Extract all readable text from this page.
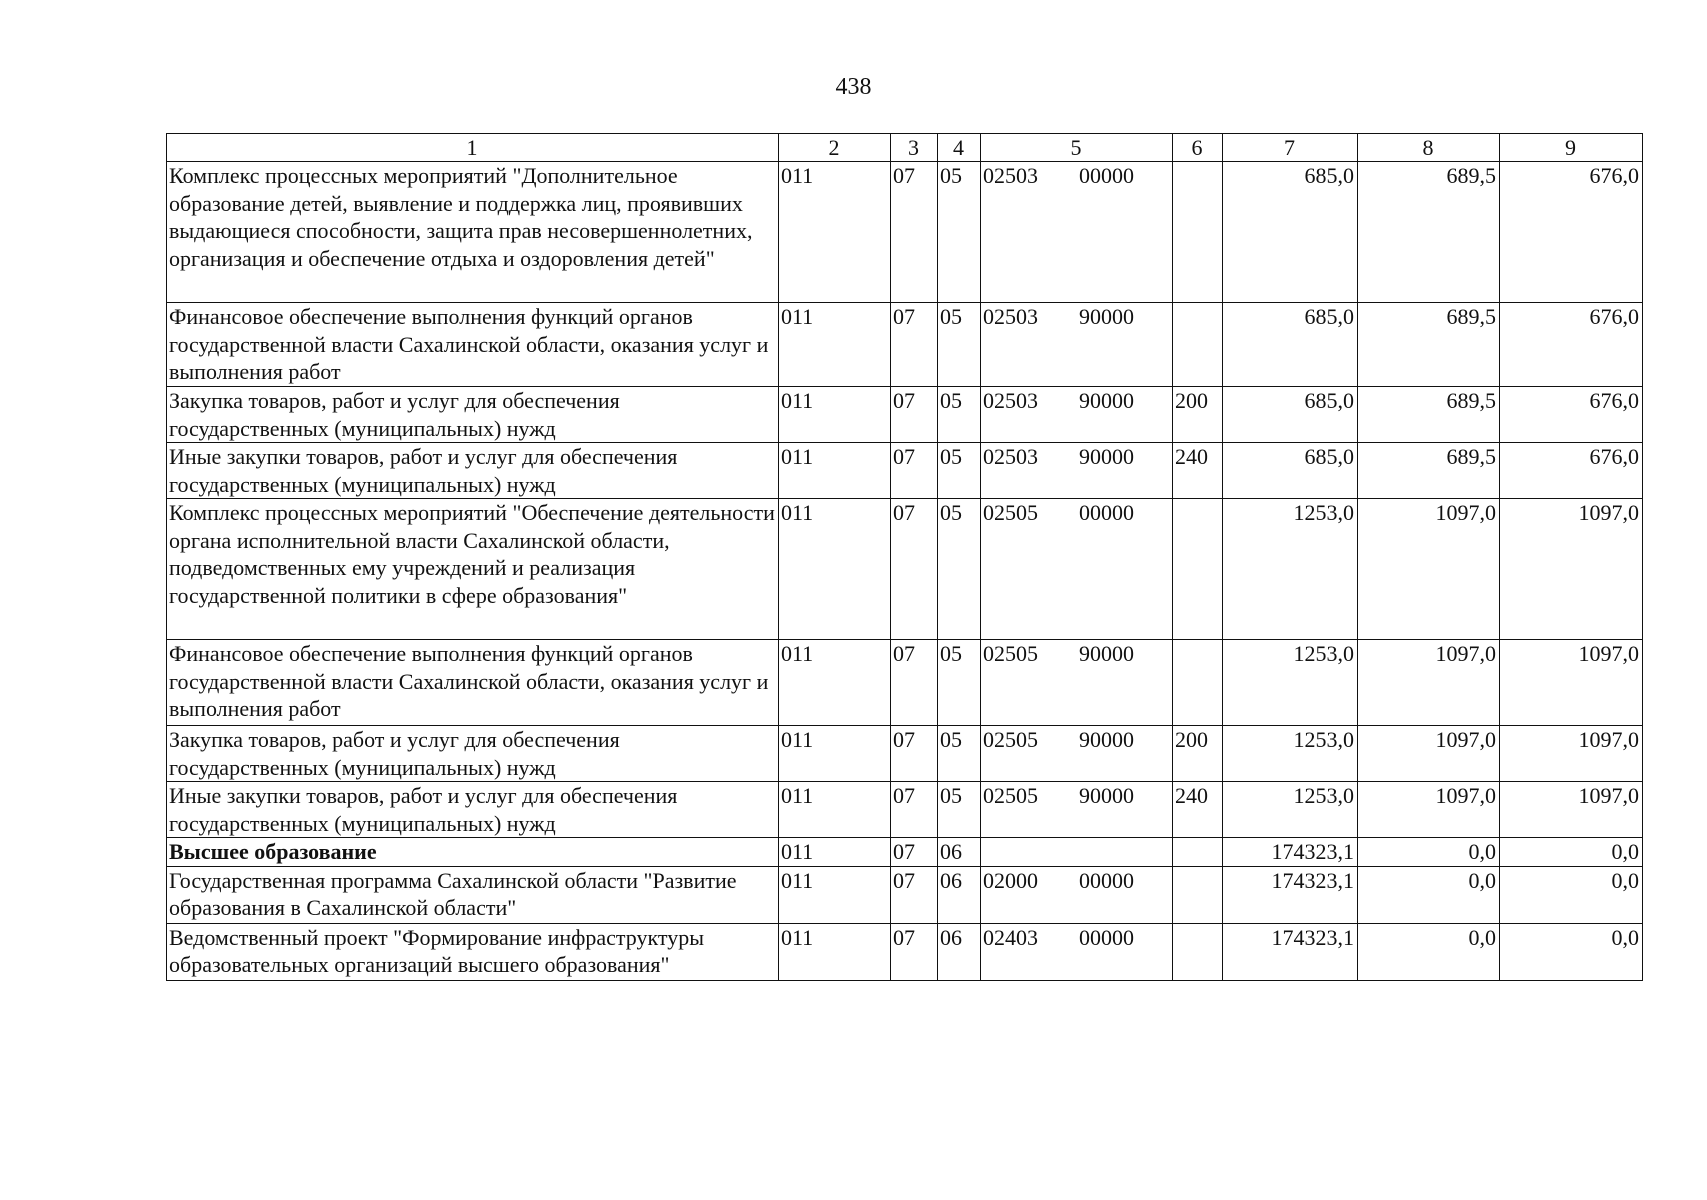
438
1	2	3	4	5	6	7	8	9
Комплекс процессных мероприятий "Дополнительное образование детей, выявление и поддержка лиц, проявивших выдающиеся способности, защита прав несовершеннолетних, организация и обеспечение отдыха и оздоровления детей"	011	07	05	02503 00000		685,0	689,5	676,0
Финансовое обеспечение выполнения функций органов государственной власти Сахалинской области, оказания услуг и выполнения работ	011	07	05	02503 90000		685,0	689,5	676,0
Закупка товаров, работ и услуг для обеспечения государственных (муниципальных) нужд	011	07	05	02503 90000	200	685,0	689,5	676,0
Иные закупки товаров, работ и услуг для обеспечения государственных (муниципальных) нужд	011	07	05	02503 90000	240	685,0	689,5	676,0
Комплекс процессных мероприятий "Обеспечение деятельности органа исполнительной власти Сахалинской области, подведомственных ему учреждений и реализация государственной политики в сфере образования"	011	07	05	02505 00000		1253,0	1097,0	1097,0
Финансовое обеспечение выполнения функций органов государственной власти Сахалинской области, оказания услуг и выполнения работ	011	07	05	02505 90000		1253,0	1097,0	1097,0
Закупка товаров, работ и услуг для обеспечения государственных (муниципальных) нужд	011	07	05	02505 90000	200	1253,0	1097,0	1097,0
Иные закупки товаров, работ и услуг для обеспечения государственных (муниципальных) нужд	011	07	05	02505 90000	240	1253,0	1097,0	1097,0
Высшее образование	011	07	06			174323,1	0,0	0,0
Государственная программа Сахалинской области "Развитие образования в Сахалинской области"	011	07	06	02000 00000		174323,1	0,0	0,0
Ведомственный проект "Формирование инфраструктуры образовательных организаций высшего образования"	011	07	06	02403 00000		174323,1	0,0	0,0
